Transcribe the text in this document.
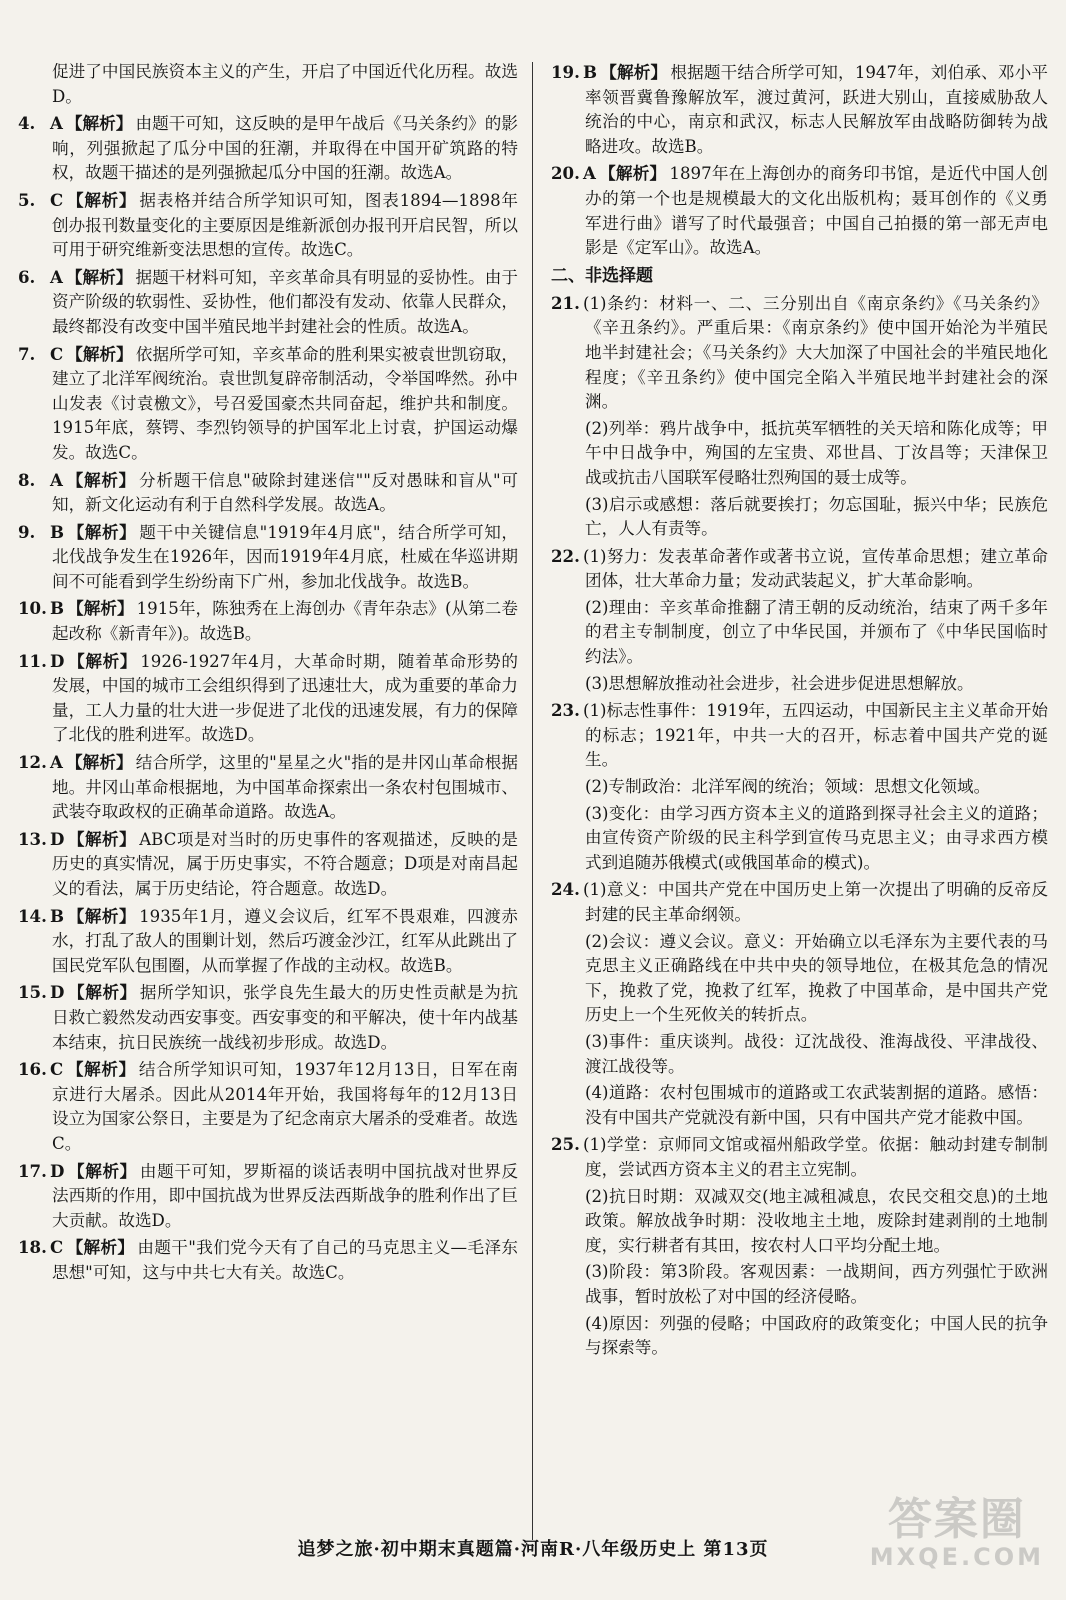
促进了中国民族资本主义的产生，开启了中国近代化历程。故选D。
4. A 【解析】 由题干可知，这反映的是甲午战后《马关条约》的影响，列强掀起了瓜分中国的狂潮，并取得在中国开矿筑路的特权，故题干描述的是列强掀起瓜分中国的狂潮。故选A。
5. C 【解析】 据表格并结合所学知识可知，图表1894—1898年创办报刊数量变化的主要原因是维新派创办报刊开启民智，所以可用于研究维新变法思想的宣传。故选C。
6. A 【解析】 据题干材料可知，辛亥革命具有明显的妥协性。由于资产阶级的软弱性、妥协性，他们都没有发动、依靠人民群众，最终都没有改变中国半殖民地半封建社会的性质。故选A。
7. C 【解析】 依据所学可知，辛亥革命的胜利果实被袁世凯窃取，建立了北洋军阀统治。袁世凯复辟帝制活动，令举国哗然。孙中山发表《讨袁檄文》，号召爱国豪杰共同奋起，维护共和制度。1915年底，蔡锷、李烈钧领导的护国军北上讨袁，护国运动爆发。故选C。
8. A 【解析】 分析题干信息"破除封建迷信""反对愚昧和盲从"可知，新文化运动有利于自然科学发展。故选A。
9. B 【解析】 题干中关键信息"1919年4月底"，结合所学可知，北伐战争发生在1926年，因而1919年4月底，杜威在华巡讲期间不可能看到学生纷纷南下广州，参加北伐战争。故选B。
10. B 【解析】 1915年，陈独秀在上海创办《青年杂志》(从第二卷起改称《新青年》)。故选B。
11. D 【解析】 1926-1927年4月，大革命时期，随着革命形势的发展，中国的城市工会组织得到了迅速壮大，成为重要的革命力量，工人力量的壮大进一步促进了北伐的迅速发展，有力的保障了北伐的胜利进军。故选D。
12. A 【解析】 结合所学，这里的"星星之火"指的是井冈山革命根据地。井冈山革命根据地，为中国革命探索出一条农村包围城市、武装夺取政权的正确革命道路。故选A。
13. D 【解析】 ABC项是对当时的历史事件的客观描述，反映的是历史的真实情况，属于历史事实，不符合题意；D项是对南昌起义的看法，属于历史结论，符合题意。故选D。
14. B 【解析】 1935年1月，遵义会议后，红军不畏艰难，四渡赤水，打乱了敌人的围剿计划，然后巧渡金沙江，红军从此跳出了国民党军队包围圈，从而掌握了作战的主动权。故选B。
15. D 【解析】 据所学知识，张学良先生最大的历史性贡献是为抗日救亡毅然发动西安事变。西安事变的和平解决，使十年内战基本结束，抗日民族统一战线初步形成。故选D。
16. C 【解析】 结合所学知识可知，1937年12月13日，日军在南京进行大屠杀。因此从2014年开始，我国将每年的12月13日设立为国家公祭日，主要是为了纪念南京大屠杀的受难者。故选C。
17. D 【解析】 由题干可知，罗斯福的谈话表明中国抗战对世界反法西斯的作用，即中国抗战为世界反法西斯战争的胜利作出了巨大贡献。故选D。
18. C 【解析】 由题干"我们党今天有了自己的马克思主义—毛泽东思想"可知，这与中共七大有关。故选C。
19. B 【解析】 根据题干结合所学可知，1947年，刘伯承、邓小平率领晋冀鲁豫解放军，渡过黄河，跃进大别山，直接威胁敌人统治的中心，南京和武汉，标志人民解放军由战略防御转为战略进攻。故选B。
20. A 【解析】 1897年在上海创办的商务印书馆，是近代中国人创办的第一个也是规模最大的文化出版机构；聂耳创作的《义勇军进行曲》谱写了时代最强音；中国自己拍摄的第一部无声电影是《定军山》。故选A。
二、非选择题
21. (1)条约：材料一、二、三分别出自《南京条约》《马关条约》《辛丑条约》。严重后果：《南京条约》使中国开始沦为半殖民地半封建社会；《马关条约》大大加深了中国社会的半殖民地化程度；《辛丑条约》使中国完全陷入半殖民地半封建社会的深渊。
(2)列举：鸦片战争中，抵抗英军牺牲的关天培和陈化成等；甲午中日战争中，殉国的左宝贵、邓世昌、丁汝昌等；天津保卫战或抗击八国联军侵略壮烈殉国的聂士成等。
(3)启示或感想：落后就要挨打；勿忘国耻，振兴中华；民族危亡，人人有责等。
22. (1)努力：发表革命著作或著书立说，宣传革命思想；建立革命团体，壮大革命力量；发动武装起义，扩大革命影响。
(2)理由：辛亥革命推翻了清王朝的反动统治，结束了两千多年的君主专制制度，创立了中华民国，并颁布了《中华民国临时约法》。
(3)思想解放推动社会进步，社会进步促进思想解放。
23. (1)标志性事件：1919年，五四运动，中国新民主主义革命开始的标志；1921年，中共一大的召开，标志着中国共产党的诞生。
(2)专制政治：北洋军阀的统治；领域：思想文化领域。
(3)变化：由学习西方资本主义的道路到探寻社会主义的道路；由宣传资产阶级的民主科学到宣传马克思主义；由寻求西方模式到追随苏俄模式(或俄国革命的模式)。
24. (1)意义：中国共产党在中国历史上第一次提出了明确的反帝反封建的民主革命纲领。
(2)会议：遵义会议。意义：开始确立以毛泽东为主要代表的马克思主义正确路线在中共中央的领导地位，在极其危急的情况下，挽救了党，挽救了红军，挽救了中国革命，是中国共产党历史上一个生死攸关的转折点。
(3)事件：重庆谈判。战役：辽沈战役、淮海战役、平津战役、渡江战役等。
(4)道路：农村包围城市的道路或工农武装割据的道路。感悟：没有中国共产党就没有新中国，只有中国共产党才能救中国。
25. (1)学堂：京师同文馆或福州船政学堂。依据：触动封建专制制度，尝试西方资本主义的君主立宪制。
(2)抗日时期：双减双交(地主减租减息，农民交租交息)的土地政策。解放战争时期：没收地主土地，废除封建剥削的土地制度，实行耕者有其田，按农村人口平均分配土地。
(3)阶段：第3阶段。客观因素：一战期间，西方列强忙于欧洲战事，暂时放松了对中国的经济侵略。
(4)原因：列强的侵略；中国政府的政策变化；中国人民的抗争与探索等。
追梦之旅·初中期末真题篇·河南R·八年级历史上 第13页
答案圈
MXQE.COM
